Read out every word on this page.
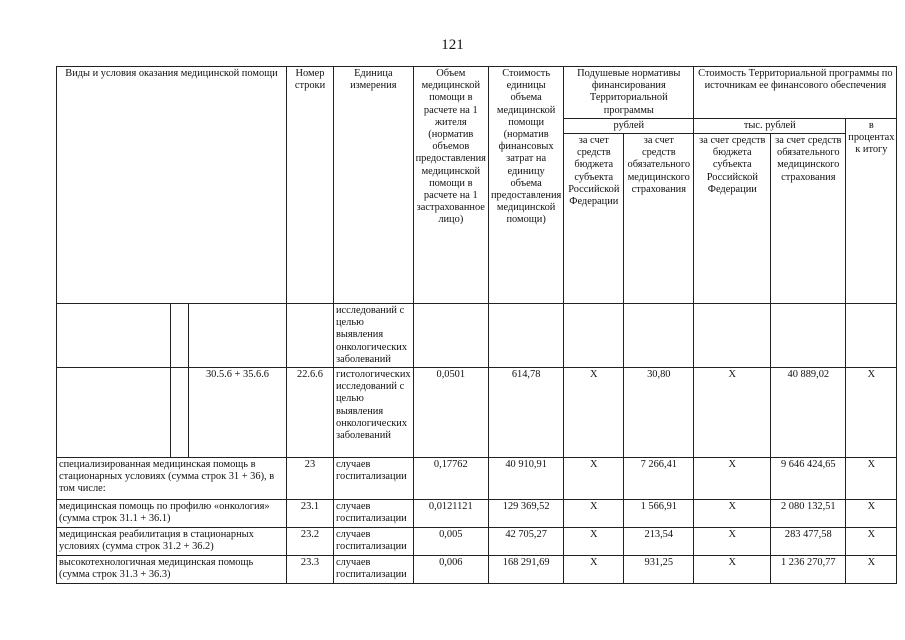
121
Виды и условия оказания медицинской помощи			Номер строки	Единица измерения	Объем медицинской помощи в расчете на 1 жителя (норматив объемов предоставления медицинской помощи в расчете на 1 застрахованное лицо)	Стоимость единицы объема медицинской помощи (норматив финансовых затрат на единицу объема предоставления медицинской помощи)	Подушевые нормативы финансирования Территориальной программы		Стоимость Территориальной программы по источникам ее финансового обеспечения		
							рублей		тыс. рублей		в процентах к итогу
							за счет средств бюджета субъекта Российской Федерации	за счет средств обязательного медицинского страхования	за счет средств бюджета субъекта Российской Федерации	за счет средств обязательного медицинского страхования	
				исследований с целью выявления онкологических заболеваний							
		30.5.6 + 35.6.6	22.6.6	гистологических исследований с целью выявления онкологических заболеваний	0,0501	614,78	X	30,80	X	40 889,02	X
специализированная медицинская помощь в стационарных условиях (сумма строк 31 + 36), в том числе:			23	случаев госпитализации	0,17762	40 910,91	X	7 266,41	X	9 646 424,65	X
медицинская помощь по профилю «онкология» (сумма строк 31.1 + 36.1)			23.1	случаев госпитализации	0,0121121	129 369,52	X	1 566,91	X	2 080 132,51	X
медицинская реабилитация в стационарных условиях (сумма строк 31.2 + 36.2)			23.2	случаев госпитализации	0,005	42 705,27	X	213,54	X	283 477,58	X
высокотехнологичная медицинская помощь (сумма строк 31.3 + 36.3)			23.3	случаев госпитализации	0,006	168 291,69	X	931,25	X	1 236 270,77	X
